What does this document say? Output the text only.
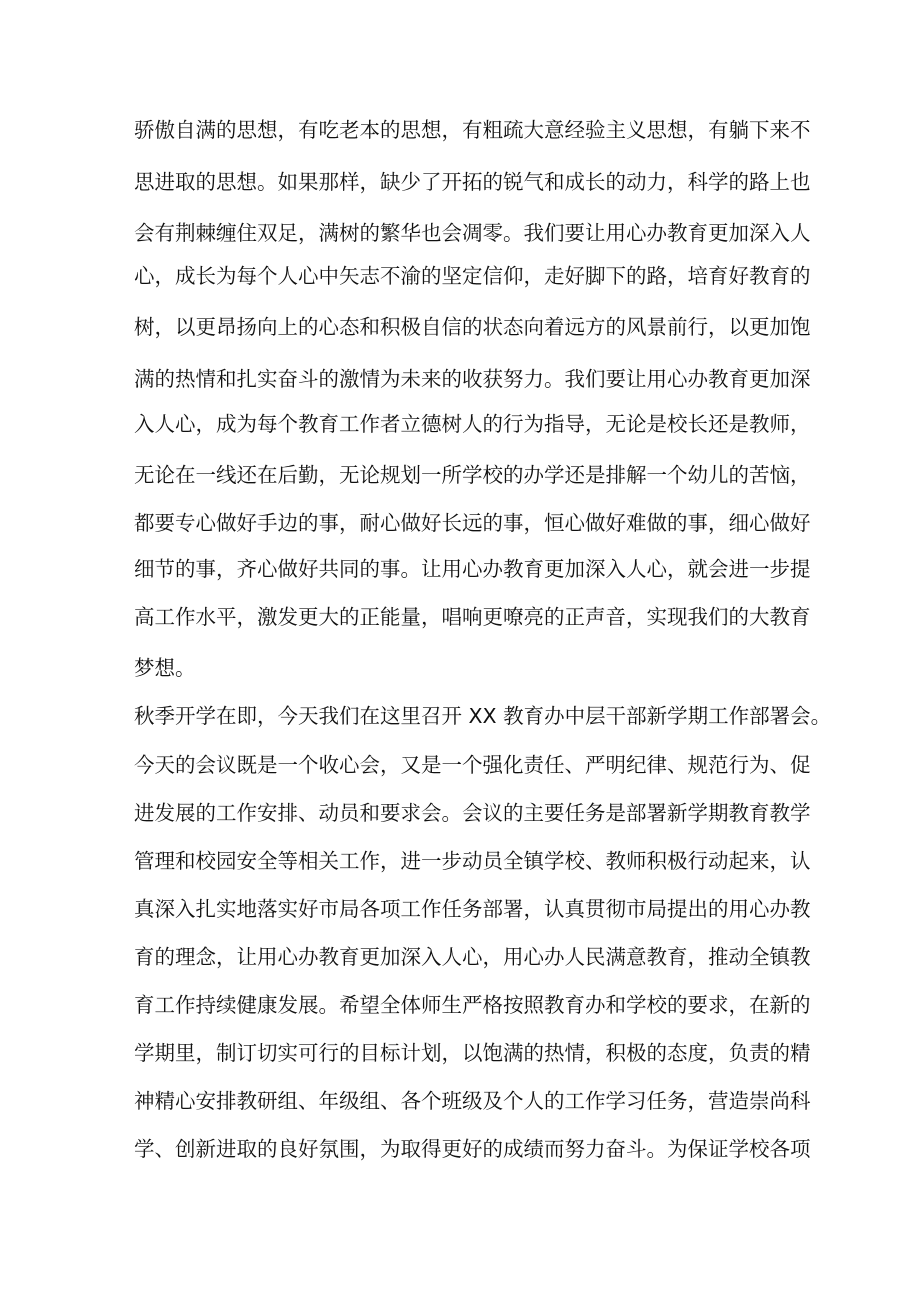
骄傲自满的思想，有吃老本的思想，有粗疏大意经验主义思想，有躺下来不
思进取的思想。如果那样，缺少了开拓的锐气和成长的动力，科学的路上也
会有荆棘缠住双足，满树的繁华也会凋零。我们要让用心办教育更加深入人
心，成长为每个人心中矢志不渝的坚定信仰，走好脚下的路，培育好教育的
树，以更昂扬向上的心态和积极自信的状态向着远方的风景前行，以更加饱
满的热情和扎实奋斗的激情为未来的收获努力。我们要让用心办教育更加深
入人心，成为每个教育工作者立德树人的行为指导，无论是校长还是教师，
无论在一线还在后勤，无论规划一所学校的办学还是排解一个幼儿的苦恼，
都要专心做好手边的事，耐心做好长远的事，恒心做好难做的事，细心做好
细节的事，齐心做好共同的事。让用心办教育更加深入人心，就会进一步提
高工作水平，激发更大的正能量，唱响更嘹亮的正声音，实现我们的大教育
梦想。
秋季开学在即，今天我们在这里召开 XX 教育办中层干部新学期工作部署会。
今天的会议既是一个收心会，又是一个强化责任、严明纪律、规范行为、促
进发展的工作安排、动员和要求会。会议的主要任务是部署新学期教育教学
管理和校园安全等相关工作，进一步动员全镇学校、教师积极行动起来，认
真深入扎实地落实好市局各项工作任务部署，认真贯彻市局提出的用心办教
育的理念，让用心办教育更加深入人心，用心办人民满意教育，推动全镇教
育工作持续健康发展。希望全体师生严格按照教育办和学校的要求，在新的
学期里，制订切实可行的目标计划，以饱满的热情，积极的态度，负责的精
神精心安排教研组、年级组、各个班级及个人的工作学习任务，营造崇尚科
学、创新进取的良好氛围，为取得更好的成绩而努力奋斗。为保证学校各项
